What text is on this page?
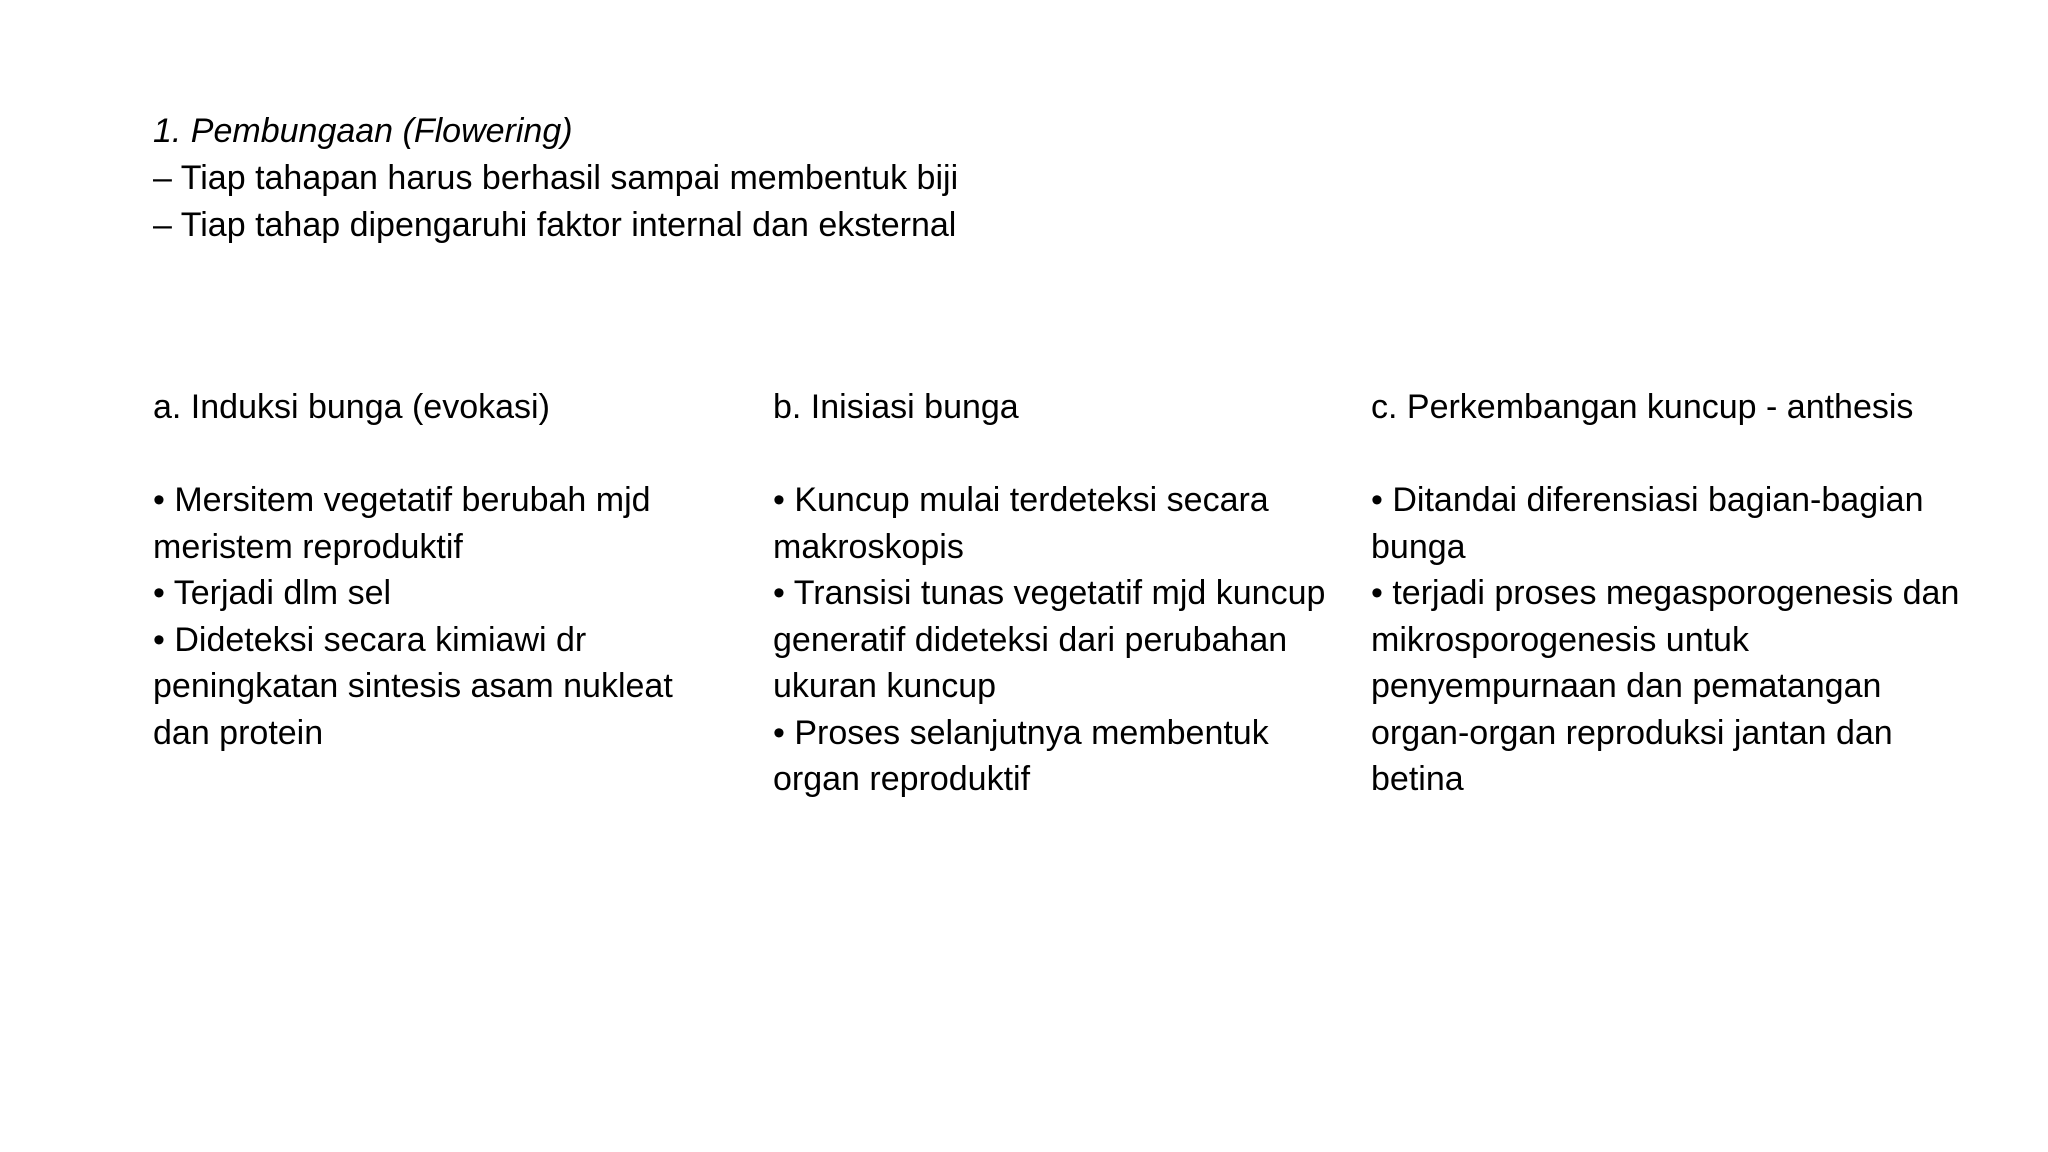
1. Pembungaan (Flowering)
– Tiap tahapan harus berhasil sampai membentuk biji
– Tiap tahap dipengaruhi faktor internal dan eksternal
a. Induksi bunga (evokasi)
• Mersitem vegetatif berubah mjd meristem reproduktif
• Terjadi dlm sel
• Dideteksi secara kimiawi dr peningkatan sintesis asam nukleat dan protein
b. Inisiasi bunga
• Kuncup mulai terdeteksi secara makroskopis
• Transisi tunas vegetatif mjd kuncup generatif dideteksi dari perubahan ukuran kuncup
• Proses selanjutnya membentuk organ reproduktif
c. Perkembangan kuncup - anthesis
• Ditandai diferensiasi bagian-bagian bunga
• terjadi proses megasporogenesis dan mikrosporogenesis untuk penyempurnaan dan pematangan organ-organ reproduksi jantan dan betina
